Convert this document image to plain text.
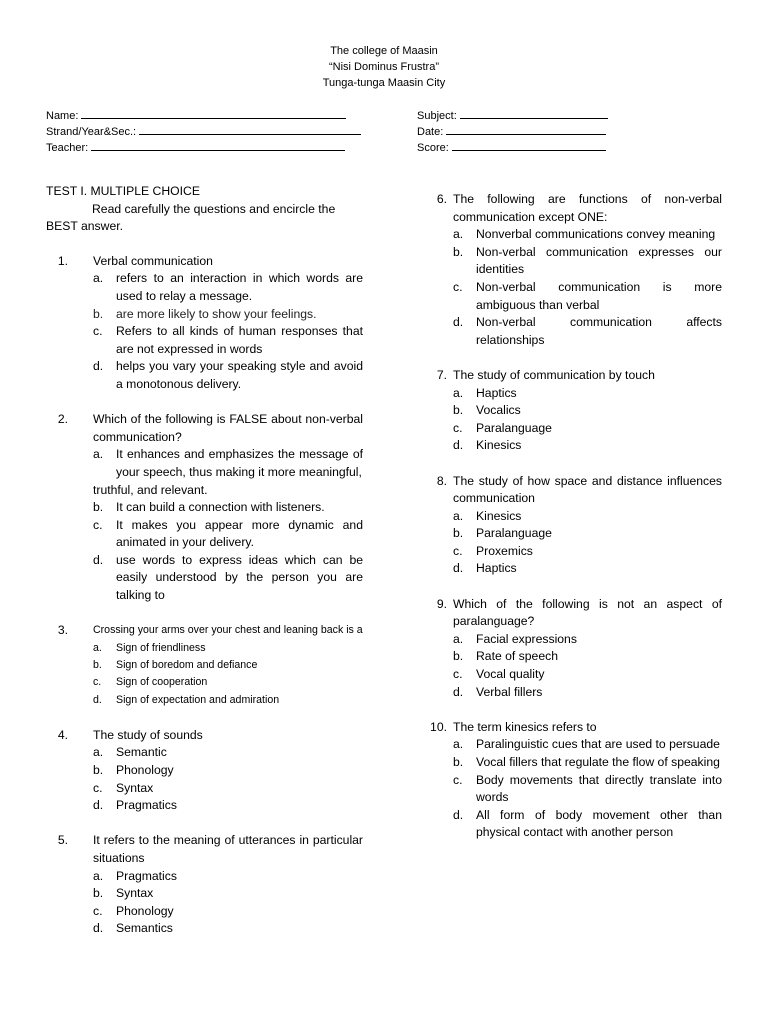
The college of Maasin
“Nisi Dominus Frustra”
Tunga-tunga Maasin City
Name:
Strand/Year&Sec.:
Teacher:
Subject:
Date:
Score:
TEST I. MULTIPLE CHOICE
Read carefully the questions and encircle the BEST answer.
1. Verbal communication
a. refers to an interaction in which words are used to relay a message.
b. are more likely to show your feelings.
c. Refers to all kinds of human responses that are not expressed in words
d. helps you vary your speaking style and avoid a monotonous delivery.
2. Which of the following is FALSE about non-verbal communication?
a. It enhances and emphasizes the message of your speech, thus making it more meaningful,
truthful, and relevant.
b. It can build a connection with listeners.
c. It makes you appear more dynamic and animated in your delivery.
d. use words to express ideas which can be easily understood by the person you are talking to
3. Crossing your arms over your chest and leaning back is a
a. Sign of friendliness
b. Sign of boredom and defiance
c. Sign of cooperation
d. Sign of expectation and admiration
4. The study of sounds
a. Semantic
b. Phonology
c. Syntax
d. Pragmatics
5. It refers to the meaning of utterances in particular situations
a. Pragmatics
b. Syntax
c. Phonology
d. Semantics
6. The following are functions of non-verbal communication except ONE:
a. Nonverbal communications convey meaning
b. Non-verbal communication expresses our identities
c. Non-verbal communication is more ambiguous than verbal
d. Non-verbal communication affects relationships
7. The study of communication by touch
a. Haptics
b. Vocalics
c. Paralanguage
d. Kinesics
8. The study of how space and distance influences communication
a. Kinesics
b. Paralanguage
c. Proxemics
d. Haptics
9. Which of the following is not an aspect of paralanguage?
a. Facial expressions
b. Rate of speech
c. Vocal quality
d. Verbal fillers
10. The term kinesics refers to
a. Paralinguistic cues that are used to persuade
b. Vocal fillers that regulate the flow of speaking
c. Body movements that directly translate into words
d. All form of body movement other than physical contact with another person
